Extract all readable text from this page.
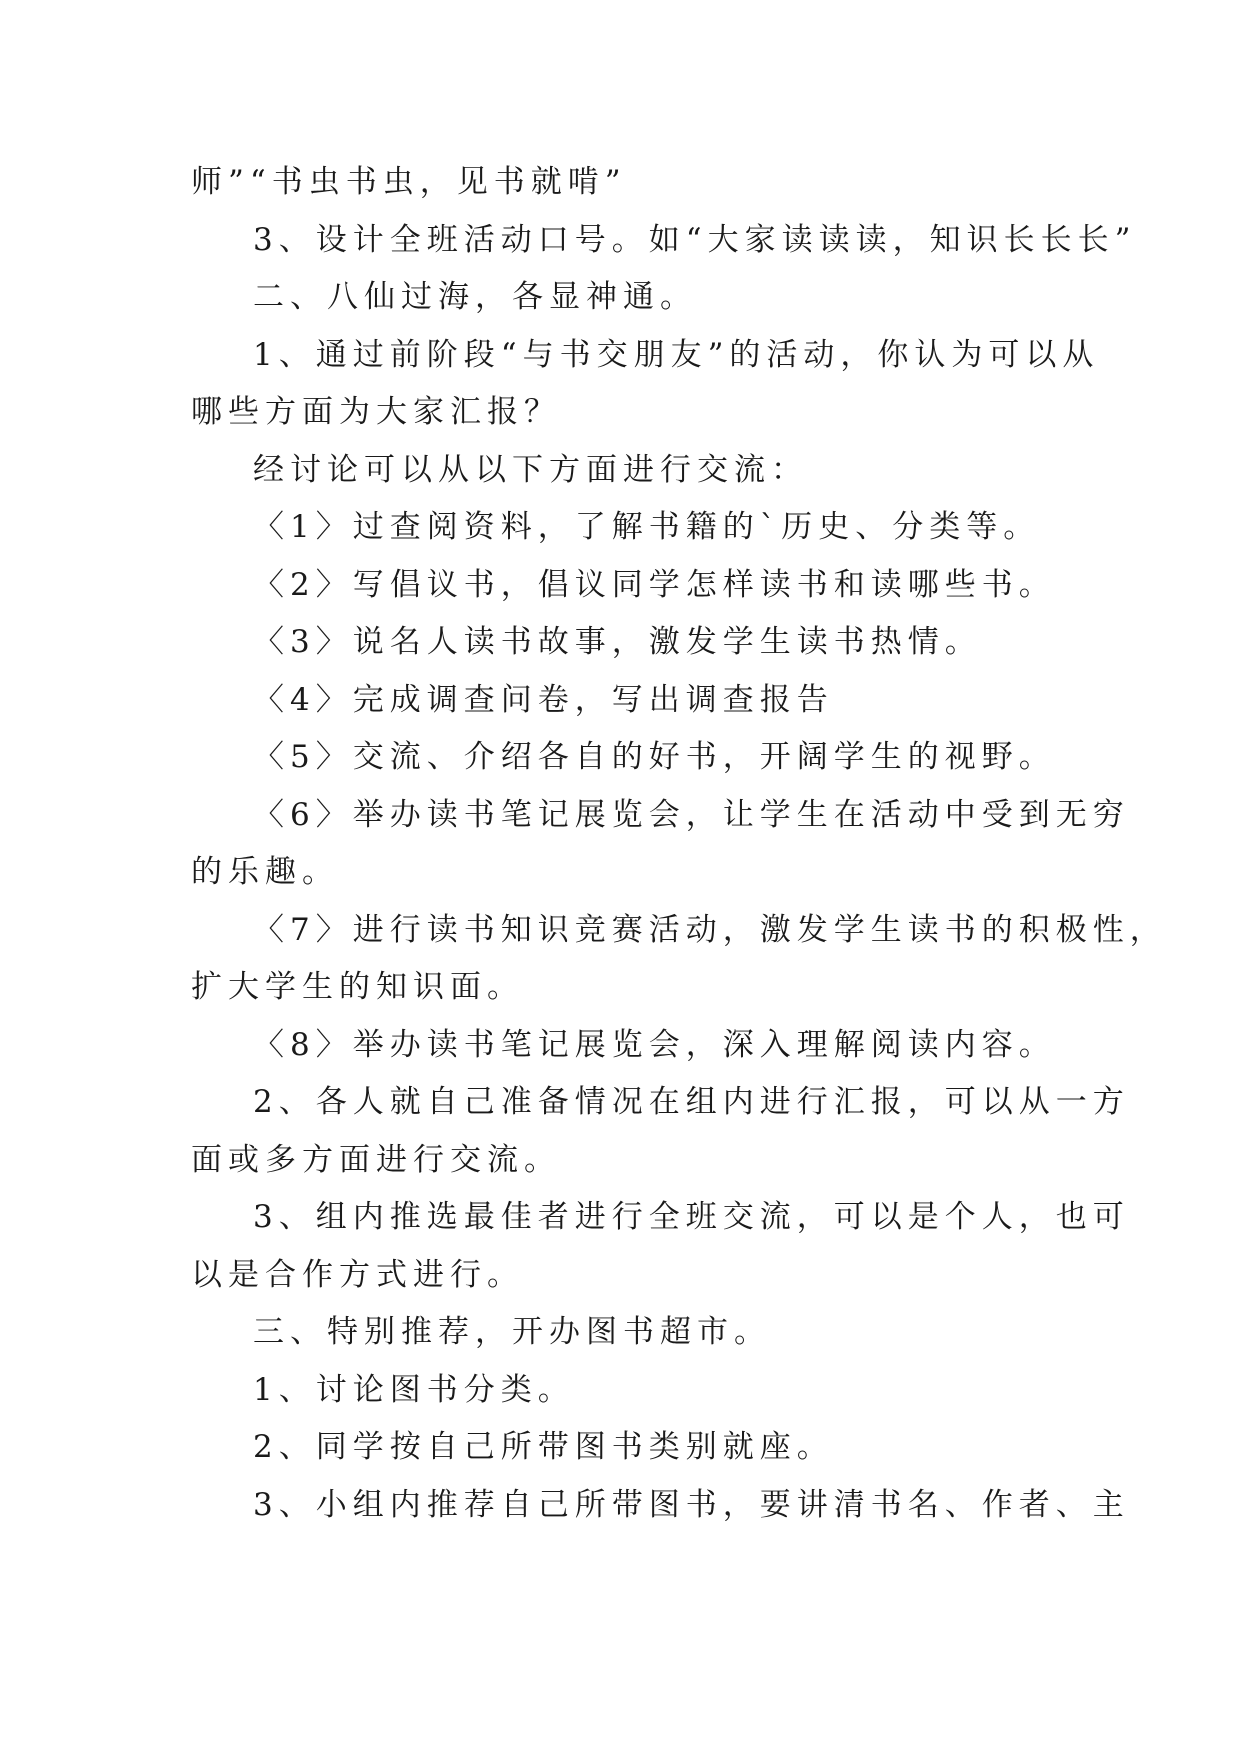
师”“书虫书虫，见书就啃”
3、设计全班活动口号。如“大家读读读，知识长长长”
二、八仙过海，各显神通。
1、通过前阶段“与书交朋友”的活动，你认为可以从
哪些方面为大家汇报？
经讨论可以从以下方面进行交流：
〈1〉过查阅资料，了解书籍的`历史、分类等。
〈2〉写倡议书，倡议同学怎样读书和读哪些书。
〈3〉说名人读书故事，激发学生读书热情。
〈4〉完成调查问卷，写出调查报告
〈5〉交流、介绍各自的好书，开阔学生的视野。
〈6〉举办读书笔记展览会，让学生在活动中受到无穷
的乐趣。
〈7〉进行读书知识竞赛活动，激发学生读书的积极性，
扩大学生的知识面。
〈8〉举办读书笔记展览会，深入理解阅读内容。
2、各人就自己准备情况在组内进行汇报，可以从一方
面或多方面进行交流。
3、组内推选最佳者进行全班交流，可以是个人，也可
以是合作方式进行。
三、特别推荐，开办图书超市。
1、讨论图书分类。
2、同学按自己所带图书类别就座。
3、小组内推荐自己所带图书，要讲清书名、作者、主
